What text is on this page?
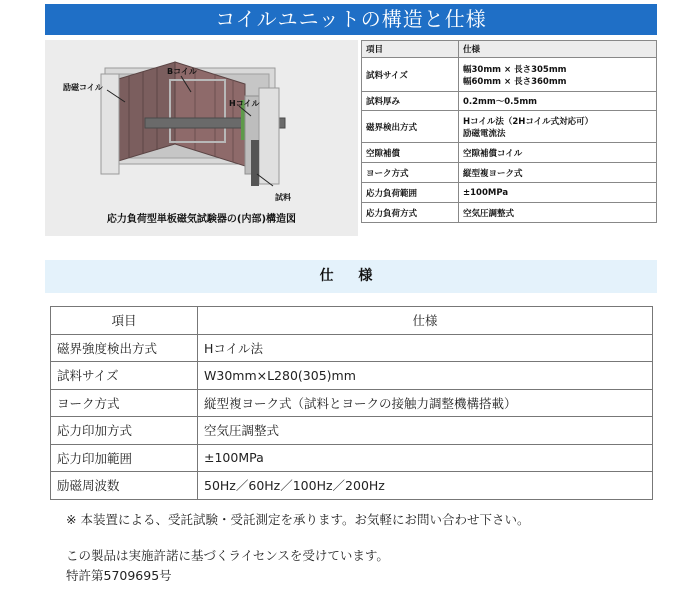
コイルユニットの構造と仕様
励磁コイル
Bコイル
Hコイル
試料
応力負荷型単板磁気試験器の(内部)構造図
項目	仕様
試料サイズ	幅30mm × 長さ305mm
幅60mm × 長さ360mm

試料厚み	0.2mm〜0.5mm
磁界検出方式	Hコイル法（2Hコイル式対応可）
励磁電流法

空隙補償	空隙補償コイル
ヨーク方式	縦型複ヨーク式
応力負荷範囲	±100MPa
応力負荷方式	空気圧調整式
仕 様
項目	仕様
磁界強度検出方式	Hコイル法
試料サイズ	W30mm×L280(305)mm
ヨーク方式	縦型複ヨーク式（試料とヨークの接触力調整機構搭載）
応力印加方式	空気圧調整式
応力印加範囲	±100MPa
励磁周波数	50Hz／60Hz／100Hz／200Hz
※ 本装置による、受託試験・受託測定を承ります。お気軽にお問い合わせ下さい。
この製品は実施許諾に基づくライセンスを受けています。
特許第5709695号
